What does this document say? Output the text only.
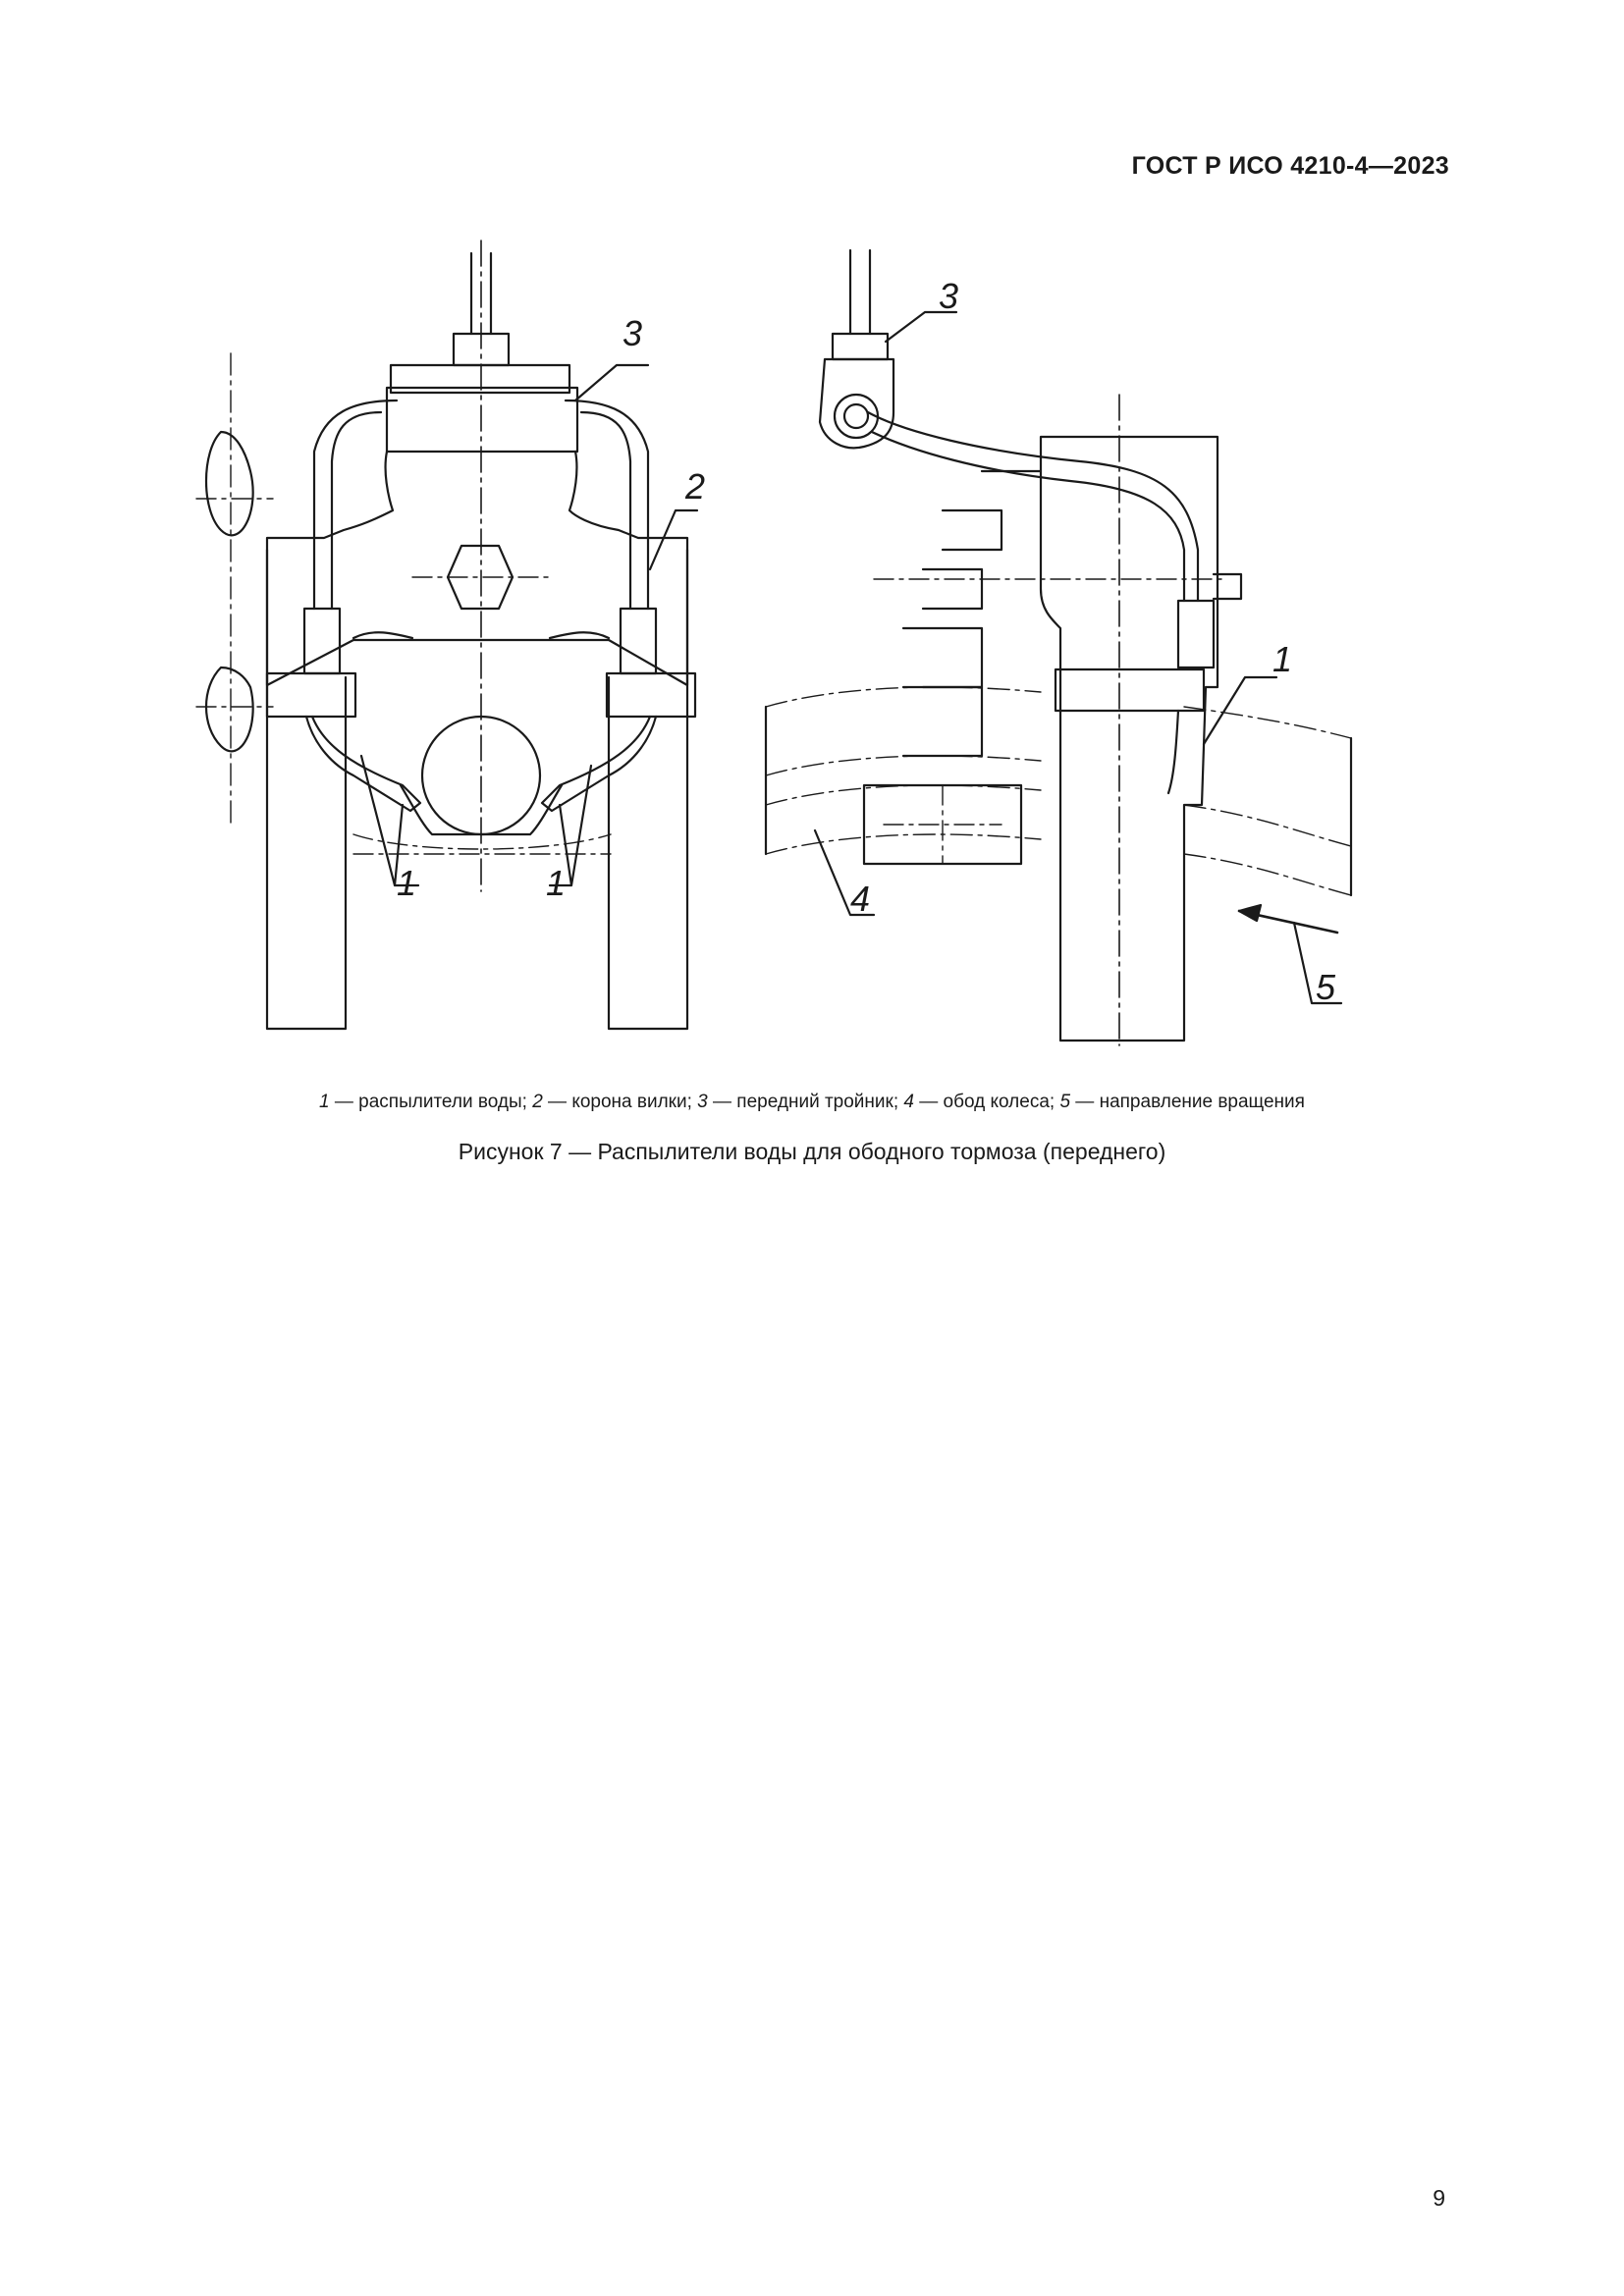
ГОСТ Р ИСО 4210-4—2023
3
2
1	1
3
1
4
5
1 — распылители воды; 2 — корона вилки; 3 — передний тройник; 4 — обод колеса; 5 — направление вращения
Рисунок 7 — Распылители воды для ободного тормоза (переднего)
9
